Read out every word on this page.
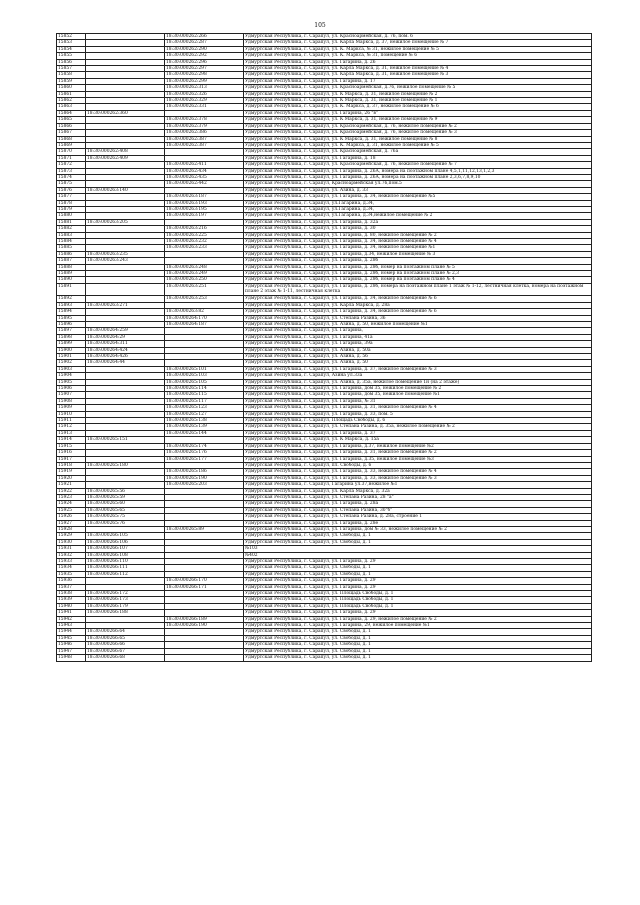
105
15852		18:30:000262:266	Удмуртская Республика, г. Сарапул, ул. Красноармейская, д. 76, пом. 6
15853		18:30:000262:287	Удмуртская Республика, г. Сарапул, ул. Карла Маркса, д. 37, нежилое помещение № 7
15854		18:30:000262:290	Удмуртская Республика, г. Сарапул, ул. К. Маркса, № 31, нежилое помещение № 5
15855		18:30:000262:292	Удмуртская Республика, г. Сарапул, ул. К. Маркса, № 31, помещение № 6
15856		18:30:000262:296	Удмуртская Республика, г. Сарапул, ул. Гагарина, д. 26
15857		18:30:000262:297	Удмуртская Республика, г. Сарапул, ул. Карла Маркса, д. 31, нежилое помещение № 4
15858		18:30:000262:298	Удмуртская Республика, г. Сарапул, ул. Карла Маркса, д. 31, нежилое помещение № 3
15859		18:30:000262:299	Удмуртская Республика, г. Сарапул, ул. Гагарина, д. 17
15860		18:30:000262:313	Удмуртская Республика, г. Сарапул, ул. Красноармейская, д.76, нежилое помещение № 5
15861		18:30:000262:326	Удмуртская Республика, г. Сарапул, ул. К Маркса, д. 31, нежилое помещение № 2
15862		18:30:000262:329	Удмуртская Республика, г. Сарапул, ул. К Маркса, д. 31, нежилое помещение № 1
15863		18:30:000262:331	Удмуртская Республика, г. Сарапул, ул. К. Маркса, д. 37, нежилое помещение № 6
15864	18:30:000262:360		Удмуртская Республика, г. Сарапул, ул. Гагарина, 26 "в"
15865		18:30:000262:378	Удмуртская Республика, г. Сарапул, ул. К Маркса, д. 31, нежилое помещение № 9
15866		18:30:000262:379	Удмуртская Республика, г. Сарапул, ул. Красноармейская, д. 76, нежилое помещение № 2
15867		18:30:000262:386	Удмуртская Республика, г. Сарапул, ул. Красноармейская, д. 76, нежилое помещение № 3
15868		18:30:000262:387	Удмуртская Республика, г. Сарапул, ул. К Маркса, д. 31, нежилое помещение № 8
15869		18:30:000262:387	Удмуртская Республика, г. Сарапул, ул. К. Маркса, д. 31, нежилое помещение № 5
15870	18:30:000262:408		Удмуртская Республика, г. Сарапул, ул. Красноармейская, д. 76а
15871	18:30:000262:409		Удмуртская Республика, г. Сарапул, ул. Гагарина, д. 18
15872		18:30:000262:411	Удмуртская Республика, г. Сарапул, ул. Красноармейская, д. 76, нежилое помещение № 7
15873		18:30:000262:434	Удмуртская Республика, г. Сарапул, ул. Гагарина, д. 26А, номера на поэтажном плане 4,5,1,11,12,13,1,2,3
15874		18:30:000262:435	Удмуртская Республика, г. Сарапул, ул. Гагарина, д. 26А, номера на поэтажном плане 2,3,6,7,8,9,10
15875		18:30:000262:442	Удмуртская Республика, г. Сарапул, Красноармейская ул.76,пом.5
15876	18:30:000263:140		Удмуртская Республика, г. Сарапул, ул. Азина, д. 33
15877		18:30:000263:187	Удмуртская Республика, г. Сарапул, ул. Гагарина, д. 34, нежилое помещение №5
15878		18:30:000263:193	Удмуртская Республика, г. Сарапул, ул.Гагарина, д.34,
15879		18:30:000263:195	Удмуртская Республика, г. Сарапул, ул.Гагарина, д.34,
15880		18:30:000263:197	Удмуртская Республика, г. Сарапул, ул.Гагарина, д.34,нежилое помещение № 2
15881	18:30:000263:205		Удмуртская Республика, г. Сарапул, ул. Гагарина, д. 32а
15882		18:30:000263:216	Удмуртская Республика, г. Сарапул, ул. Гагарина, д. 30
15883		18:30:000263:225	Удмуртская Республика, г. Сарапул, ул. Гагарина, д. 80, нежилое помещение № 2
15884		18:30:000263:232	Удмуртская Республика, г. Сарапул, ул. Гагарина, д. 34, нежилое помещение № 4
15885		18:30:000263:233	Удмуртская Республика, г. Сарапул, ул. Гагарина, д. 34, нежилое помещение №1
15886	18:30:000263:235		Удмуртская Республика, г. Сарапул, ул. Гагарина, д.34, нежилое помещение № 3
15887	18:30:000263:243		Удмуртская Республика, г. Сарапул, ул. Гагарина, д. 28б
15888		18:30:000263:248	Удмуртская Республика, г. Сарапул, ул. Гагарина, д. 28б, номер на поэтажном плане № 5
15889		18:30:000263:249	Удмуртская Республика, г. Сарапул, ул. Гагарина, д. 28б, номер на поэтажном плане № 2,3
15890		18:30:000263:250	Удмуртская Республика, г. Сарапул, ул. Гагарина, д. 28б, номер на поэтажном плане № 4
15891		18:30:000263:251	Удмуртская Республика, г. Сарапул, ул. Гагарина, д. 28б, номера на поэтажном плане 1 этаж № 1-12, лестничная клетка, номера на поэтажном плане 2 этаж № 1-11, лестничная клетка
15892		18:30:000263:253	Удмуртская Республика, г. Сарапул, ул. Гагарина, д. 34, нежилое помещение № 6
15893	18:30:000263:271		Удмуртская Республика, г. Сарапул, ул. Карла Маркса, д. 28а
15894		18:30:000263:82	Удмуртская Республика, г. Сарапул, ул. Гагарина, д. 34, нежилое помещение № 6
15895		18:30:000264:170	Удмуртская Республика, г. Сарапул, ул. Степана Разина, 36
15896		18:30:000264:187	Удмуртская Республика, г. Сарапул, ул. Азина, д. 50, нежилое помещение №1
15897	18:30:000264:259		Удмуртская Республика, г. Сарапул, ул. Гагарина,
15898	18:30:000264:29		Удмуртская Республика, г. Сарапул, ул. Гагарина, 41а
15899	18:30:000264:311		Удмуртская Республика, г. Сарапул, ул. Гагарина, 39а
15900	18:30:000264:424		Удмуртская Республика, г. Сарапул, ул. Азина, д. 50а
15901	18:30:000264:426		Удмуртская Республика, г. Сарапул, ул. Азина, д. 56
15902	18:30:000264:44		Удмуртская Республика, г. Сарапул, ул. Азина, д. 50
15903		18:30:000265:101	Удмуртская Республика, г. Сарапул, ул. Гагарина, д. 37, нежилое помещение № 3
15904		18:30:000265:103	Удмуртская Республика, г. Сарапул, Азина ул.33а
15905		18:30:000265:105	Удмуртская Республика, г. Сарапул, ул. Азина, д. 35а, нежилое помещение 1н (на 2 этаже)
15906		18:30:000265:114	Удмуртская Республика, г. Сарапул, ул. Гагарина, дом 35, нежилое помещение № 2
15907		18:30:000265:115	Удмуртская Республика, г. Сарапул, ул. Гагарина, дом 35, нежилое помещение №1
15908		18:30:000265:117	Удмуртская Республика, г. Сарапул, ул. Гагарина, № 31
15909		18:30:000265:123	Удмуртская Республика, г. Сарапул, ул. Гагарина, д. 31, нежилое помещение № 4
15910		18:30:000265:127	Удмуртская Республика, г. Сарапул, ул. Гагарина, д. 33, пом. 5
15911		18:30:000265:138	Удмуртская Республика, г. Сарапул, Площадь Свободы, д. 6
15912		18:30:000265:139	Удмуртская Республика, г. Сарапул, ул. Степана Разина, д. 35а, нежилое помещение № 2
15913		18:30:000265:144	Удмуртская Республика, г. Сарапул, ул. Гагарина, д. 37
15914	18:30:000265:151		Удмуртская Республика, г. Сарапул, ул. К Маркса, д. 15а
15915		18:30:000265:174	Удмуртская Республика, г. Сарапул, ул. Гагарина, д.37, нежилое помещение №2
15916		18:30:000265:176	Удмуртская Республика, г. Сарапул, ул. Гагарина, д. 31, нежилое помещение № 2
15917		18:30:000265:177	Удмуртская Республика, г. Сарапул, ул. Гагарина, д.35, нежилое помещение №3
15918	18:30:000265:180		Удмуртская Республика, г. Сарапул, пл. Свободы, д. 6
15919		18:30:000265:186	Удмуртская Республика, г. Сарапул, ул. Гагарина, д. 33, нежилое помещение № 4
15920		18:30:000265:190	Удмуртская Республика, г. Сарапул, ул. Гагарина, д. 33, нежилое помещение № 3
15921		18:30:000265:203	Удмуртская Республика, г. Сарапул, Гагарина ул.37,нежилое №1
15922	18:30:000265:56		Удмуртская Республика, г. Сарапул, ул. Карла Маркса, д. 32а
15923	18:30:000265:59		Удмуртская Республика, г. Сарапул, ул. Степана Разина, 28 "а"
15924	18:30:000265:60		Удмуртская Республика, г. Сарапул, ул. Гагарина, д. 28а
15925	18:30:000265:65		Удмуртская Республика, г. Сарапул, ул. Степана Разина, 30"б"
15926	18:30:000265:75		Удмуртская Республика, г. Сарапул, ул. Степана Разина, д. 28а, строение 1
15927	18:30:000265:76		Удмуртская Республика, г. Сарапул, ул. Гагарина, д. 28е
15928		18:30:000265:89	Удмуртская Республика, г. Сарапул, ул. Гагарина, дом № 33, нежилое помещение № 2
15929	18:30:000266:105		Удмуртская Республика, г. Сарапул, ул. Свободы, д. 1
15930	18:30:000266:106		Удмуртская Республика, г. Сарапул, ул. Свободы, д. 1
15931	18:30:000266:107		№103
15932	18:30:000266:108		№402
15933	18:30:000266:110		Удмуртская Республика, г. Сарапул, ул. Гагарина, д. 29
15934	18:30:000266:111		Удмуртская Республика, г. Сарапул, ул. Свободы, д. 1
15935	18:30:000266:112		Удмуртская Республика, г. Сарапул, ул. Свободы, д. 1
15936		18:30:000266:170	Удмуртская Республика, г. Сарапул, ул. Гагарина, д. 29
15937		18:30:000266:171	Удмуртская Республика, г. Сарапул, ул. Гагарина, д. 29
15938	18:30:000266:172		Удмуртская Республика, г. Сарапул, ул. Площадь Свободы, д. 1
15939	18:30:000266:173		Удмуртская Республика, г. Сарапул, ул. Площадь Свободы, д. 1
15940	18:30:000266:179		Удмуртская Республика, г. Сарапул, ул. Площадь Свободы, д. 1
15941	18:30:000266:188		Удмуртская Республика, г. Сарапул, ул. Гагарина, д. 29
15942		18:30:000266:189	Удмуртская Республика, г. Сарапул, ул. Гагарина, д. 29, нежилое помещение № 2
15943		18:30:000266:190	Удмуртская Республика, г. Сарапул, ул. Гагарина, 29, нежилое помещение №1
15944	18:30:000266:64		Удмуртская Республика, г. Сарапул, ул. Свободы, д. 1
15945	18:30:000266:65		Удмуртская Республика, г. Сарапул, ул. Свободы, д. 1
15946	18:30:000266:66		Удмуртская Республика, г. Сарапул, ул. Свободы, д. 1
15947	18:30:000266:67		Удмуртская Республика, г. Сарапул, ул. Свободы, д. 1
15948	18:30:000266:68		Удмуртская Республика, г. Сарапул, ул. Свободы, д. 1
